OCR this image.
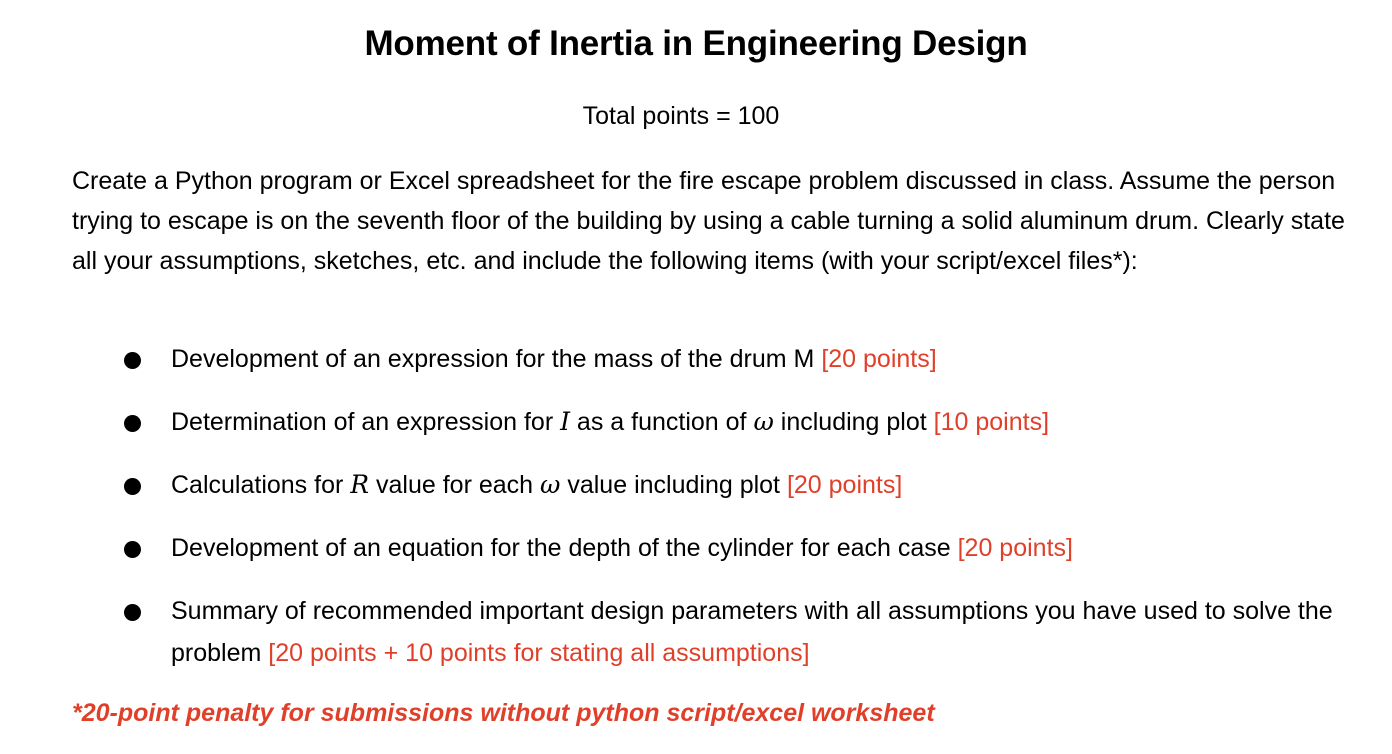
Moment of Inertia in Engineering Design
Total points = 100
Create a Python program or Excel spreadsheet for the fire escape problem discussed in class. Assume the person trying to escape is on the seventh floor of the building by using a cable turning a solid aluminum drum. Clearly state all your assumptions, sketches, etc. and include the following items (with your script/excel files*):
Development of an expression for the mass of the drum M [20 points]
Determination of an expression for I as a function of ω including plot [10 points]
Calculations for R value for each ω value including plot [20 points]
Development of an equation for the depth of the cylinder for each case [20 points]
Summary of recommended important design parameters with all assumptions you have used to solve the problem [20 points + 10 points for stating all assumptions]
*20-point penalty for submissions without python script/excel worksheet
